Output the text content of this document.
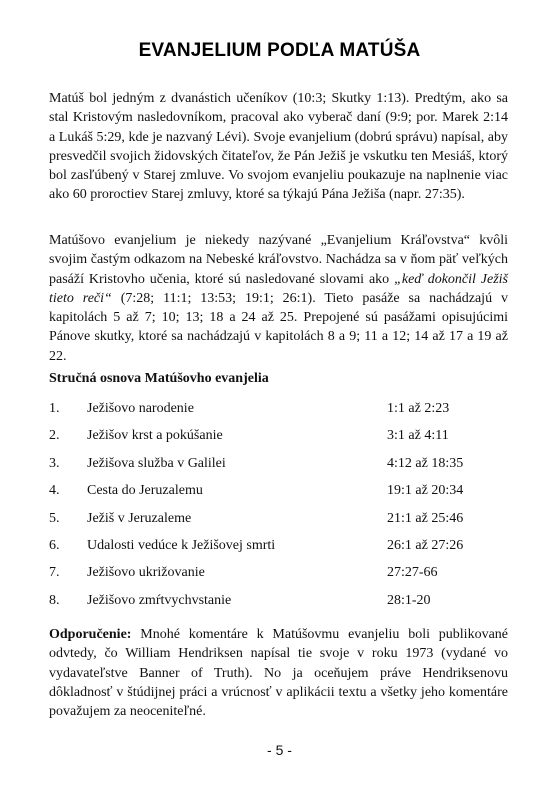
EVANJELIUM PODĽA MATÚŠA

Matúš bol jedným z dvanástich učeníkov (10:3; Skutky 1:13). Predtým, ako sa stal Kristovým nasledovníkom, pracoval ako vyberač daní (9:9; por. Marek 2:14 a Lukáš 5:29, kde je nazvaný Lévi). Svoje evanjelium (dobrú správu) napísal, aby presvedčil svojich židovských čitateľov, že Pán Ježiš je vskutku ten Mesiáš, ktorý bol zasľúbený v Starej zmluve. Vo svojom evanjeliu poukazuje na naplnenie viac ako 60 proroctiev Starej zmluvy, ktoré sa týkajú Pána Ježiša (napr. 27:35).

Matúšovo evanjelium je niekedy nazývané „Evanjelium Kráľovstva“ kvôli svojim častým odkazom na Nebeské kráľovstvo. Nachádza sa v ňom päť veľkých pasáží Kristovho učenia, ktoré sú nasledované slovami ako „keď dokončil Ježiš tieto reči“ (7:28; 11:1; 13:53; 19:1; 26:1). Tieto pasáže sa nachádzajú v kapitolách 5 až 7; 10; 13; 18 a 24 až 25. Prepojené sú pasážami opisujúcimi Pánove skutky, ktoré sa nachádzajú v kapitolách 8 a 9; 11 a 12; 14 až 17 a 19 až 22.

Stručná osnova Matúšovho evanjelia

1. Ježišovo narodenie	1:1 až 2:23
2. Ježišov krst a pokúšanie	3:1 až 4:11
3. Ježišova služba v Galilei	4:12 až 18:35
4. Cesta do Jeruzalemu	19:1 až 20:34
5. Ježiš v Jeruzaleme	21:1 až 25:46
6. Udalosti vedúce k Ježišovej smrti	26:1 až 27:26
7. Ježišovo ukrižovanie	27:27-66
8. Ježišovo zmŕtvychvstanie	28:1-20

Odporučenie: Mnohé komentáre k Matúšovmu evanjeliu boli publikované odvtedy, čo William Hendriksen napísal tie svoje v roku 1973 (vydané vo vydavateľstve Banner of Truth). No ja oceňujem práve Hendriksenovu dôkladnosť v štúdijnej práci a vrúcnosť v aplikácii textu a všetky jeho komentáre považujem za neoceniteľné.

- 5 -
